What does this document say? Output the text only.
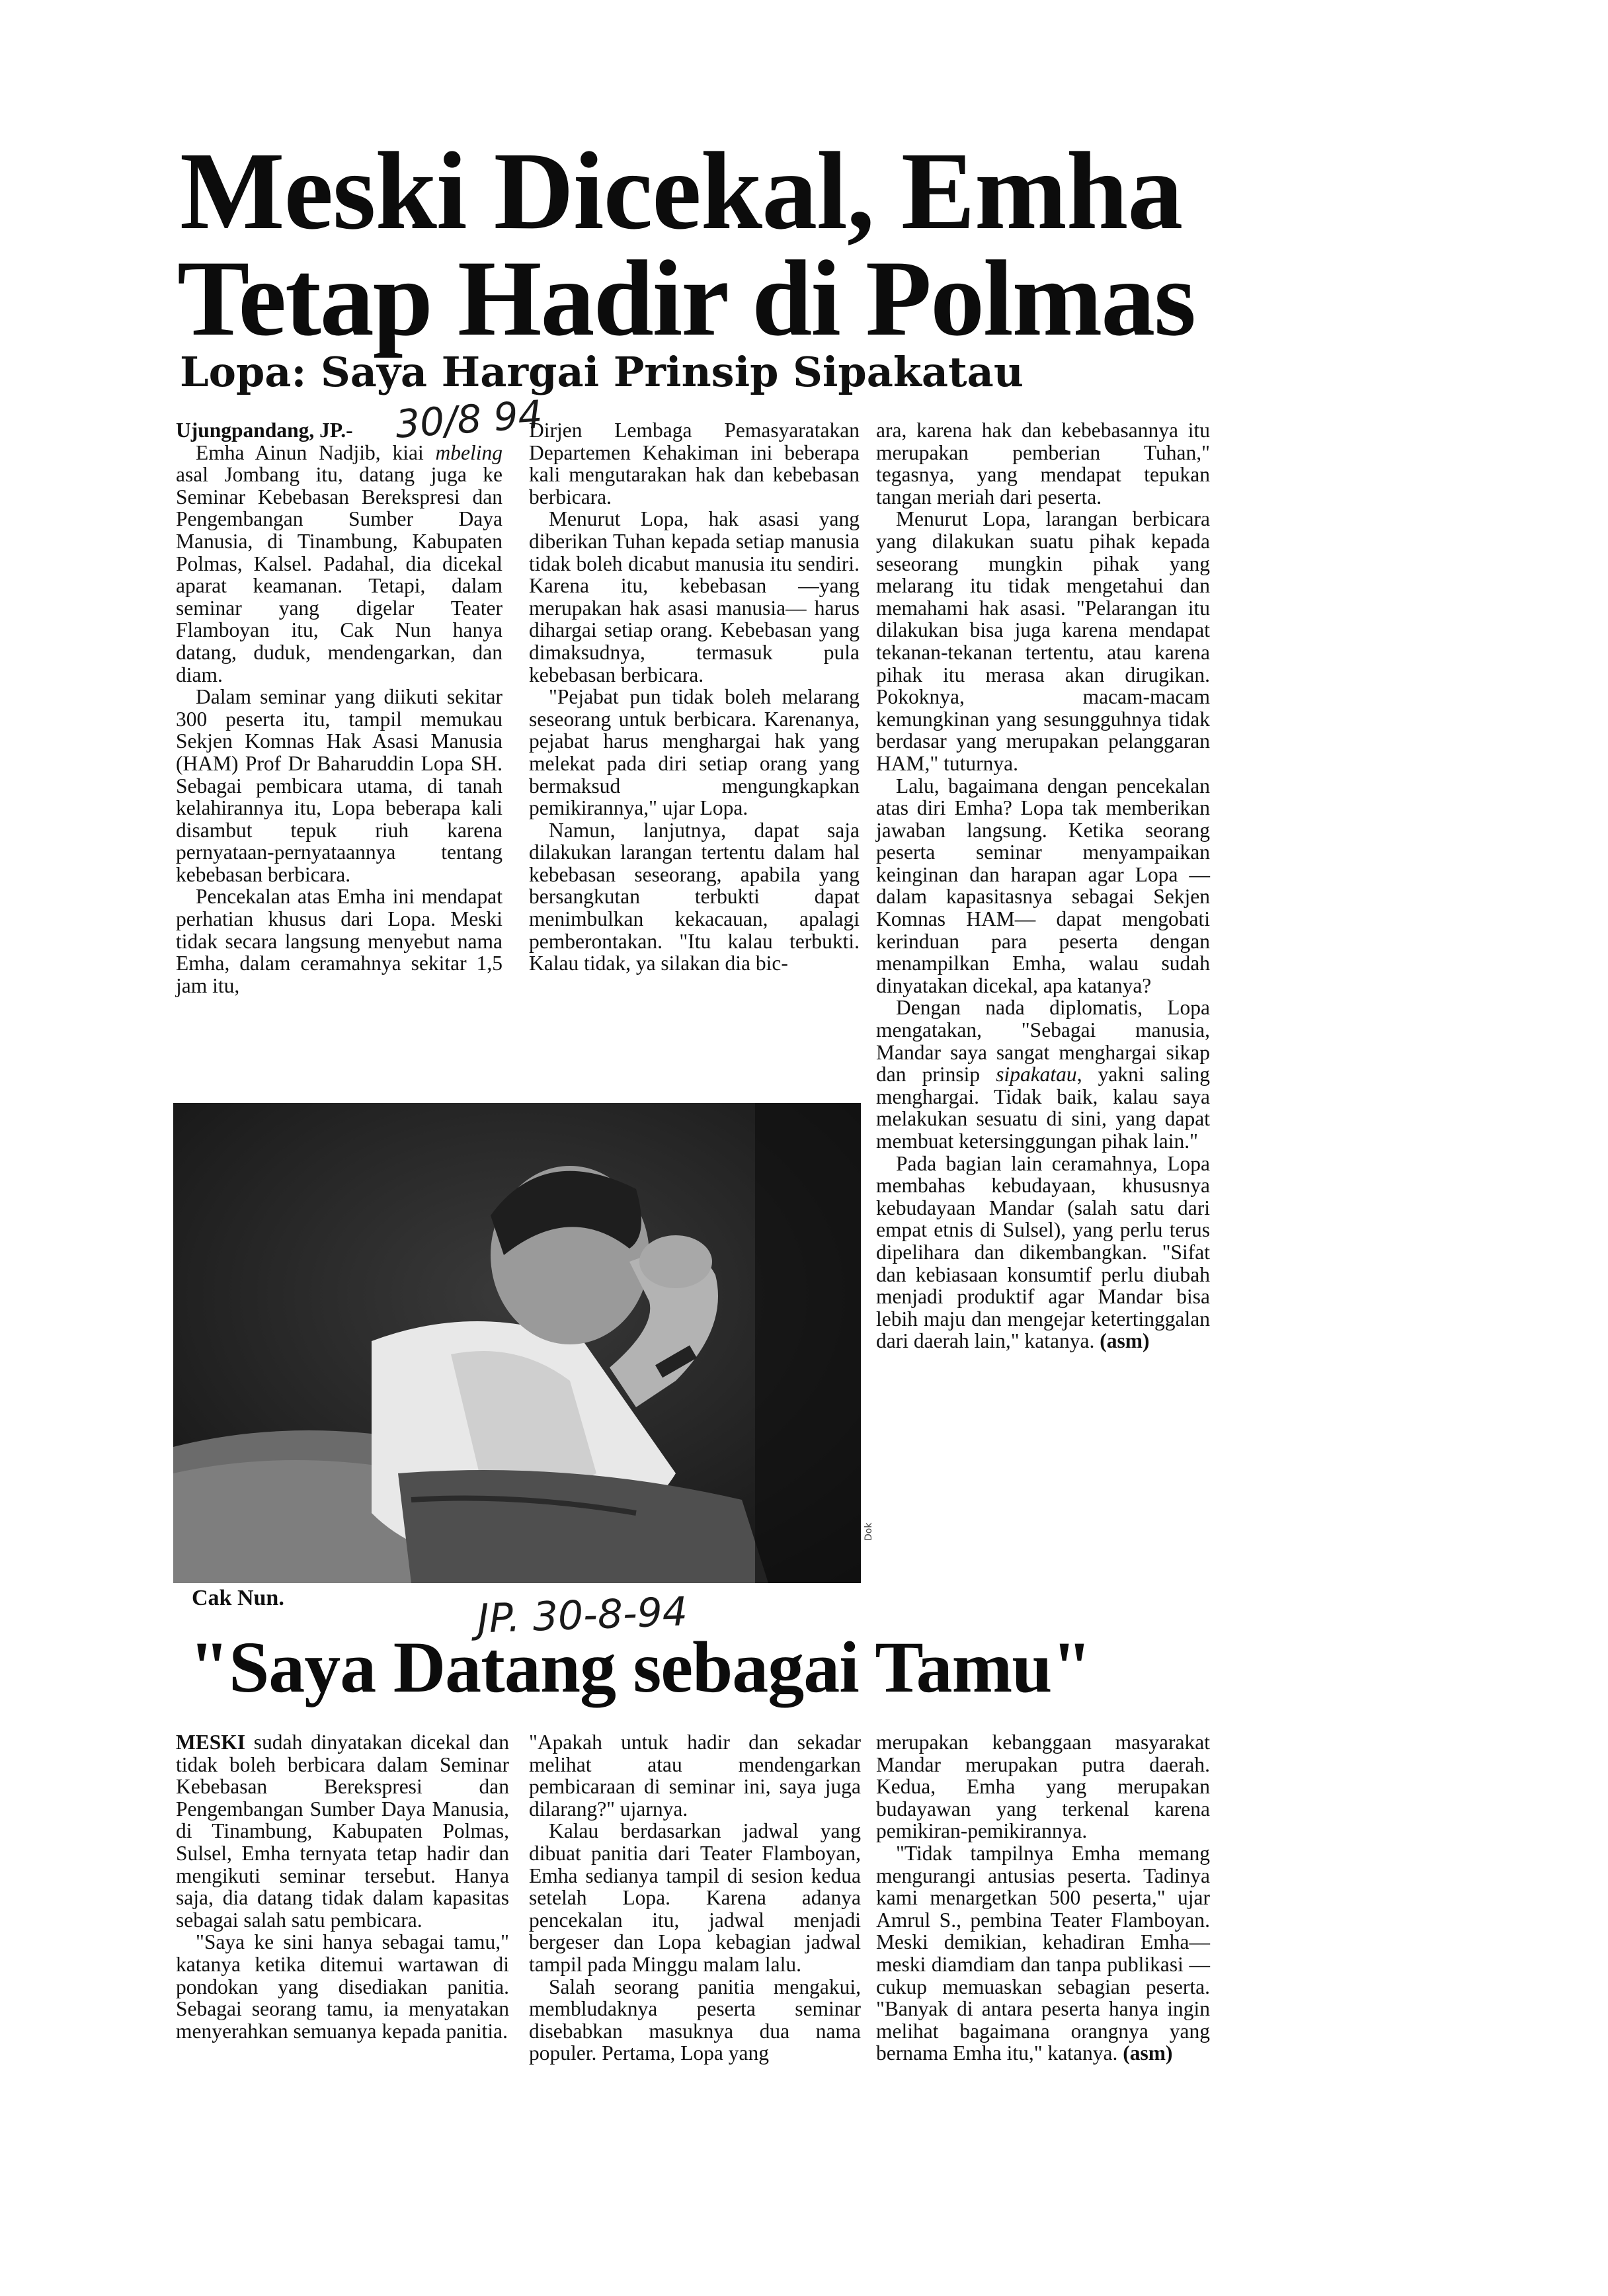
Meski Dicekal, Emha
Tetap Hadir di Polmas
Lopa: Saya Hargai Prinsip Sipakatau
30/8 94

Ujungpandang, JP.-

Emha Ainun Nadjib, kiai mbeling asal Jombang itu, datang juga ke Seminar Kebebasan Berekspresi dan Pengembangan Sumber Daya Manusia, di Tinambung, Kabupaten Polmas, Kalsel. Padahal, dia dicekal aparat keamanan. Tetapi, dalam seminar yang digelar Teater Flamboyan itu, Cak Nun hanya datang, duduk, mendengarkan, dan diam.

Dalam seminar yang diikuti sekitar 300 peserta itu, tampil memukau Sekjen Komnas Hak Asasi Manusia (HAM) Prof Dr Baharuddin Lopa SH. Sebagai pembicara utama, di tanah kelahirannya itu, Lopa beberapa kali disambut tepuk riuh karena pernyataan-pernyataannya tentang kebebasan berbicara.

Pencekalan atas Emha ini mendapat perhatian khusus dari Lopa. Meski tidak secara langsung menyebut nama Emha, dalam ceramahnya sekitar 1,5 jam itu,

Dirjen Lembaga Pemasyaratakan Departemen Kehakiman ini beberapa kali mengutarakan hak dan kebebasan berbicara.

Menurut Lopa, hak asasi yang diberikan Tuhan kepada setiap manusia tidak boleh dicabut manusia itu sendiri. Karena itu, kebebasan —yang merupakan hak asasi manusia— harus dihargai setiap orang. Kebebasan yang dimaksudnya, termasuk pula kebebasan berbicara.

"Pejabat pun tidak boleh melarang seseorang untuk berbicara. Karenanya, pejabat harus menghargai hak yang melekat pada diri setiap orang yang bermaksud mengungkapkan pemikirannya," ujar Lopa.

Namun, lanjutnya, dapat saja dilakukan larangan tertentu dalam hal kebebasan seseorang, apabila yang bersangkutan terbukti dapat menimbulkan kekacauan, apalagi pemberontakan. "Itu kalau terbukti. Kalau tidak, ya silakan dia bic-

ara, karena hak dan kebebasannya itu merupakan pemberian Tuhan," tegasnya, yang mendapat tepukan tangan meriah dari peserta.

Menurut Lopa, larangan berbicara yang dilakukan suatu pihak kepada seseorang mungkin pihak yang melarang itu tidak mengetahui dan memahami hak asasi. "Pelarangan itu dilakukan bisa juga karena mendapat tekanan-tekanan tertentu, atau karena pihak itu merasa akan dirugikan. Pokoknya, macam-macam kemungkinan yang sesungguhnya tidak berdasar yang merupakan pelanggaran HAM," tuturnya.

Lalu, bagaimana dengan pencekalan atas diri Emha? Lopa tak memberikan jawaban langsung. Ketika seorang peserta seminar menyampaikan keinginan dan harapan agar Lopa —dalam kapasitasnya sebagai Sekjen Komnas HAM— dapat mengobati kerinduan para peserta dengan menampilkan Emha, walau sudah dinyatakan dicekal, apa katanya?

Dengan nada diplomatis, Lopa mengatakan, "Sebagai manusia, Mandar saya sangat menghargai sikap dan prinsip sipakatau, yakni saling menghargai. Tidak baik, kalau saya melakukan sesuatu di sini, yang dapat membuat ketersinggungan pihak lain."

Pada bagian lain ceramahnya, Lopa membahas kebudayaan, khususnya kebudayaan Mandar (salah satu dari empat etnis di Sulsel), yang perlu terus dipelihara dan dikembangkan. "Sifat dan kebiasaan konsumtif perlu diubah menjadi produktif agar Mandar bisa lebih maju dan mengejar ketertinggalan dari daerah lain," katanya. (asm)

Dok
Cak Nun.	JP. 30-8-94
"Saya Datang sebagai Tamu"

MESKI sudah dinyatakan dicekal dan tidak boleh berbicara dalam Seminar Kebebasan Berekspresi dan Pengembangan Sumber Daya Manusia, di Tinambung, Kabupaten Polmas, Sulsel, Emha ternyata tetap hadir dan mengikuti seminar tersebut. Hanya saja, dia datang tidak dalam kapasitas sebagai salah satu pembicara.

"Saya ke sini hanya sebagai tamu," katanya ketika ditemui wartawan di pondokan yang disediakan panitia. Sebagai seorang tamu, ia menyatakan menyerahkan semuanya kepada panitia.

"Apakah untuk hadir dan sekadar melihat atau mendengarkan pembicaraan di seminar ini, saya juga dilarang?" ujarnya.

Kalau berdasarkan jadwal yang dibuat panitia dari Teater Flamboyan, Emha sedianya tampil di sesion kedua setelah Lopa. Karena adanya pencekalan itu, jadwal menjadi bergeser dan Lopa kebagian jadwal tampil pada Minggu malam lalu.

Salah seorang panitia mengakui, membludaknya peserta seminar disebabkan masuknya dua nama populer. Pertama, Lopa yang

merupakan kebanggaan masyarakat Mandar merupakan putra daerah. Kedua, Emha yang merupakan budayawan yang terkenal karena pemikiran-pemikirannya.

"Tidak tampilnya Emha memang mengurangi antusias peserta. Tadinya kami menargetkan 500 peserta," ujar Amrul S., pembina Teater Flamboyan. Meski demikian, kehadiran Emha— meski diamdiam dan tanpa publikasi — cukup memuaskan sebagian peserta. "Banyak di antara peserta hanya ingin melihat bagaimana orangnya yang bernama Emha itu," katanya. (asm)
